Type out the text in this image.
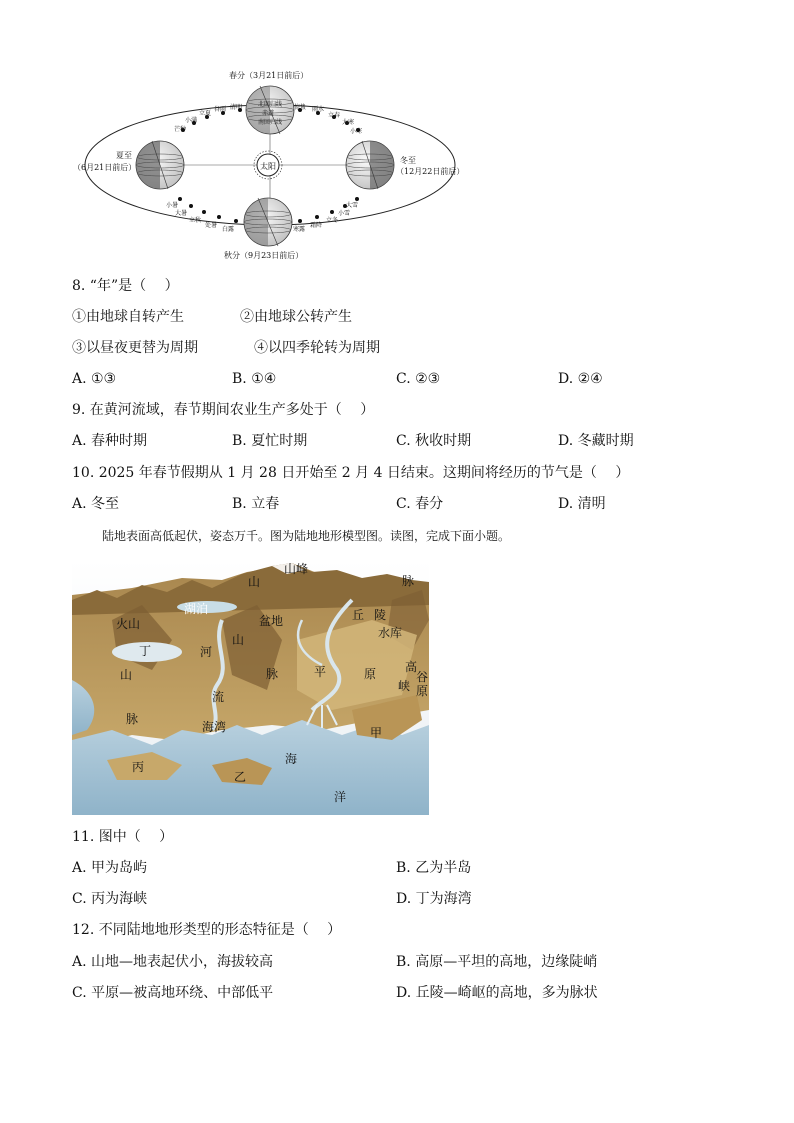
太阳
春分（3月21日前后）
夏至
（6月21日前后）
冬至
（12月22日前后）
秋分（9月23日前后）
北回归线
赤道
南回归线
清明
谷雨
立夏
小满
芒种
惊蛰 雨水
立春
大寒
小寒
小暑
大暑
立秋
处暑
白露	寒露
霜降
立冬
小雪
大雪
8. “年”是（　 ）
①由地球自转产生	②由地球公转产生
③以昼夜更替为周期	④以四季轮转为周期
A. ①③	B. ①④	C. ②③	D. ②④
9. 在黄河流域，春节期间农业生产多处于（　 ）
A. 春种时期	B. 夏忙时期	C. 秋收时期	D. 冬藏时期
10. 2025 年春节假期从 1 月 28 日开始至 2 月 4 日结束。这期间将经历的节气是（　 ）
A. 冬至	B. 立春	C. 春分	D. 清明
陆地表面高低起伏，姿态万千。图为陆地地形模型图。读图，完成下面小题。
山峰
山	脉
湖泊
火山	盆地	丘 陵
水库
丁	河
山
脉
山
脉
平	原 高
谷
原
峡
流
海湾	甲
海
丙
乙
洋
11. 图中（　 ）
A. 甲为岛屿	B. 乙为半岛
C. 丙为海峡	D. 丁为海湾
12. 不同陆地地形类型的形态特征是（　 ）
A. 山地—地表起伏小，海拔较高	B. 高原—平坦的高地，边缘陡峭
C. 平原—被高地环绕、中部低平	D. 丘陵—崎岖的高地，多为脉状
